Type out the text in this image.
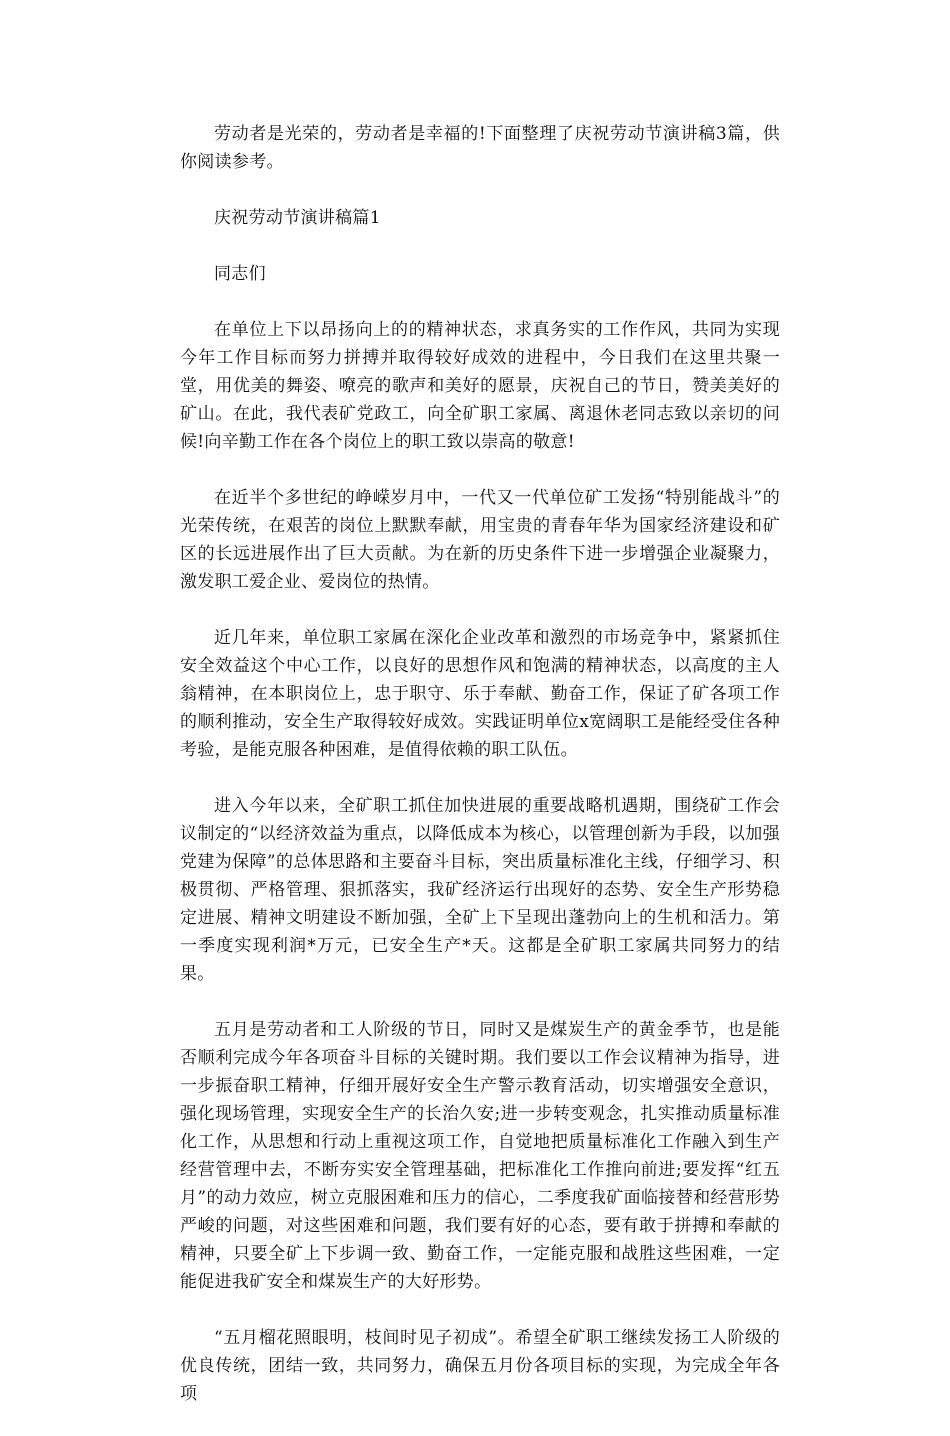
劳动者是光荣的，劳动者是幸福的!下面整理了庆祝劳动节演讲稿3篇，供你阅读参考。

庆祝劳动节演讲稿篇1

同志们

在单位上下以昂扬向上的的精神状态，求真务实的工作作风，共同为实现今年工作目标而努力拼搏并取得较好成效的进程中，今日我们在这里共聚一堂，用优美的舞姿、嘹亮的歌声和美好的愿景，庆祝自己的节日，赞美美好的矿山。在此，我代表矿党政工，向全矿职工家属、离退休老同志致以亲切的问候!向辛勤工作在各个岗位上的职工致以崇高的敬意!

在近半个多世纪的峥嵘岁月中，一代又一代单位矿工发扬“特别能战斗”的光荣传统，在艰苦的岗位上默默奉献，用宝贵的青春年华为国家经济建设和矿区的长远进展作出了巨大贡献。为在新的历史条件下进一步增强企业凝聚力，激发职工爱企业、爱岗位的热情。

近几年来，单位职工家属在深化企业改革和激烈的市场竞争中，紧紧抓住安全效益这个中心工作，以良好的思想作风和饱满的精神状态，以高度的主人翁精神，在本职岗位上，忠于职守、乐于奉献、勤奋工作，保证了矿各项工作的顺利推动，安全生产取得较好成效。实践证明单位x宽阔职工是能经受住各种考验，是能克服各种困难，是值得依赖的职工队伍。

进入今年以来，全矿职工抓住加快进展的重要战略机遇期，围绕矿工作会议制定的“以经济效益为重点，以降低成本为核心，以管理创新为手段，以加强党建为保障”的总体思路和主要奋斗目标，突出质量标准化主线，仔细学习、积极贯彻、严格管理、狠抓落实，我矿经济运行出现好的态势、安全生产形势稳定进展、精神文明建设不断加强，全矿上下呈现出蓬勃向上的生机和活力。第一季度实现利润*万元，已安全生产*天。这都是全矿职工家属共同努力的结果。

五月是劳动者和工人阶级的节日，同时又是煤炭生产的黄金季节，也是能否顺利完成今年各项奋斗目标的关键时期。我们要以工作会议精神为指导，进一步振奋职工精神，仔细开展好安全生产警示教育活动，切实增强安全意识，强化现场管理，实现安全生产的长治久安;进一步转变观念，扎实推动质量标准化工作，从思想和行动上重视这项工作，自觉地把质量标准化工作融入到生产经营管理中去，不断夯实安全管理基础，把标准化工作推向前进;要发挥“红五月”的动力效应，树立克服困难和压力的信心，二季度我矿面临接替和经营形势严峻的问题，对这些困难和问题，我们要有好的心态，要有敢于拼搏和奉献的精神，只要全矿上下步调一致、勤奋工作，一定能克服和战胜这些困难，一定能促进我矿安全和煤炭生产的大好形势。

“五月榴花照眼明，枝间时见子初成”。希望全矿职工继续发扬工人阶级的优良传统，团结一致，共同努力，确保五月份各项目标的实现，为完成全年各项
